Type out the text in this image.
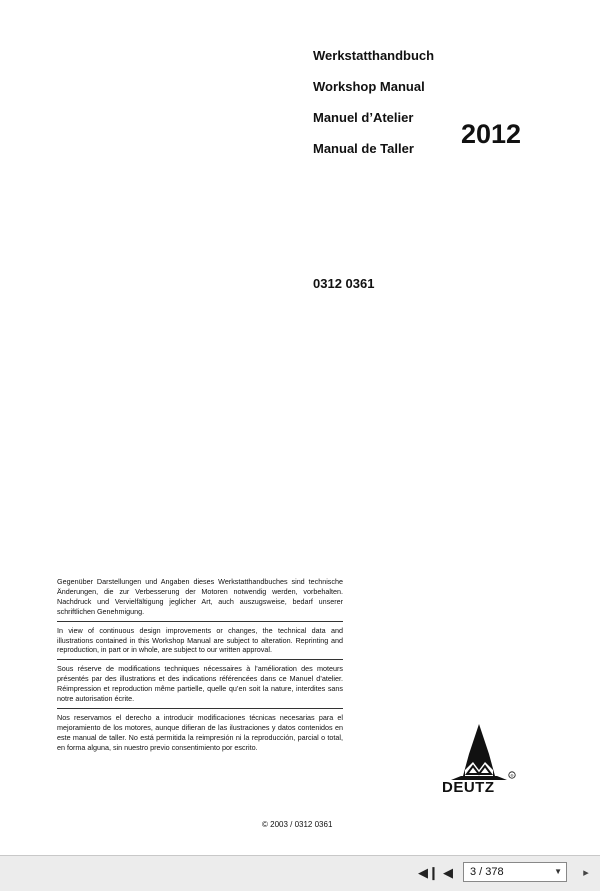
Werkstatthandbuch
Workshop Manual
Manuel d’Atelier
Manual de Taller	2012
0312 0361
Gegenüber Darstellungen und Angaben dieses Werkstatthandbuches sind technische Änderungen, die zur Verbesserung der Motoren notwendig werden, vorbehalten. Nachdruck und Vervielfältigung jeglicher Art, auch auszugsweise, bedarf unserer schriftlichen Genehmigung.
In view of continuous design improvements or changes, the technical data and illustrations contained in this Workshop Manual are subject to alteration. Reprinting and reproduction, in part or in whole, are subject to our written approval.
Sous réserve de modifications techniques nécessaires à l’amélioration des moteurs présentés par des illustrations et des indications référencées dans ce Manuel d’atelier. Réimpression et reproduction même partielle, quelle qu’en soit la nature, interdites sans notre autorisation écrite.
Nos reservamos el derecho a introducir modificaciones técnicas necesarias para el mejoramiento de los motores, aunque difieran de las ilustraciones y datos contenidos en este manual de taller. No está permitida la reimpresión ni la reproducción, parcial o total, en forma alguna, sin nuestro previo consentimiento por escrito.
®
DEUTZ
© 2003 / 0312 0361
◀❙ ◀	3 / 378	▼	▸
